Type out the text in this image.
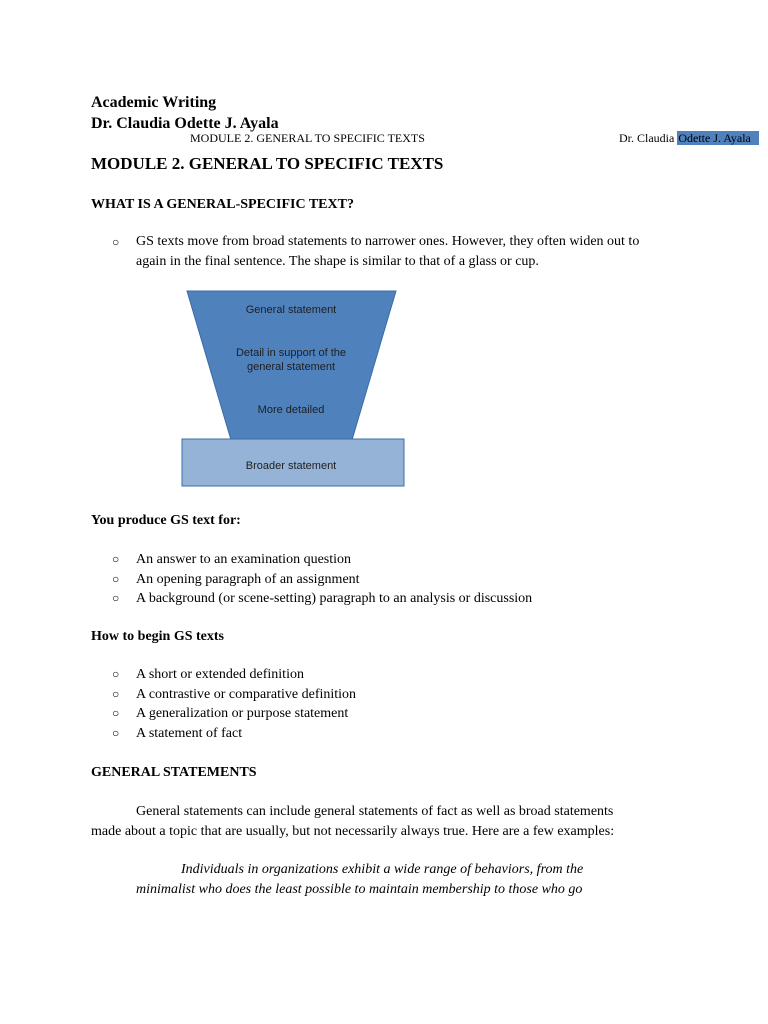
Academic Writing
Dr. Claudia Odette J. Ayala
MODULE 2. GENERAL TO SPECIFIC TEXTS	Dr. Claudia Odette J. Ayala
MODULE 2. GENERAL TO SPECIFIC TEXTS
WHAT IS A GENERAL-SPECIFIC TEXT?
○ GS texts move from broad statements to narrower ones. However, they often widen out to
again in the final sentence. The shape is similar to that of a glass or cup.
General statement
Detail in support of the
general statement
More detailed
Broader statement
You produce GS text for:
○ An answer to an examination question
○ An opening paragraph of an assignment
○ A background (or scene-setting) paragraph to an analysis or discussion
How to begin GS texts
○ A short or extended definition
○ A contrastive or comparative definition
○ A generalization or purpose statement
○ A statement of fact
GENERAL STATEMENTS
General statements can include general statements of fact as well as broad statements
made about a topic that are usually, but not necessarily always true. Here are a few examples:
Individuals in organizations exhibit a wide range of behaviors, from the
minimalist who does the least possible to maintain membership to those who go
